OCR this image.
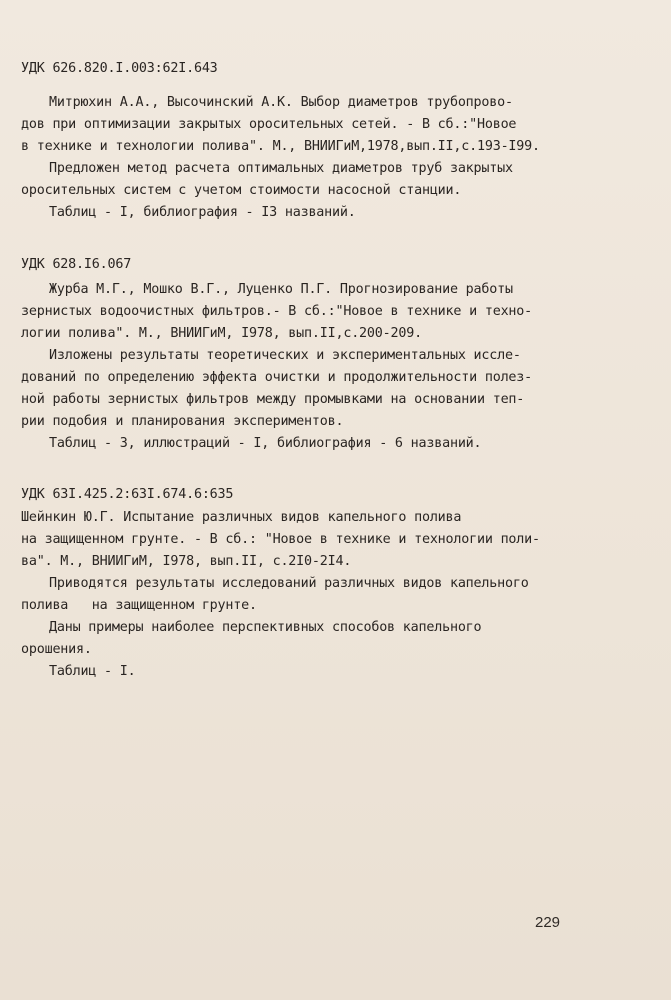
УДК 626.820.I.003:62I.643
Митрюхин А.А., Высочинский А.К. Выбор диаметров трубопрово-
дов при оптимизации закрытых оросительных сетей. - В сб.:"Новое
в технике и технологии полива". М., ВНИИГиМ,1978,вып.II,с.193-I99.
Предложен метод расчета оптимальных диаметров труб закрытых
оросительных систем с учетом стоимости насосной станции.
Таблиц - I, библиография - I3 названий.
УДК 628.I6.067
Журба М.Г., Мошко В.Г., Луценко П.Г. Прогнозирование работы
зернистых водоочистных фильтров.- В сб.:"Новое в технике и техно-
логии полива". М., ВНИИГиМ, I978, вып.II,с.200-209.
Изложены результаты теоретических и экспериментальных иссле-
дований по определению эффекта очистки и продолжительности полез-
ной работы зернистых фильтров между промывками на основании теп-
рии подобия и планирования экспериментов.
Таблиц - 3, иллюстраций - I, библиография - 6 названий.
УДК 63I.425.2:63I.674.6:635
Шейнкин Ю.Г. Испытание различных видов капельного полива
на защищенном грунте. - В сб.: "Новое в технике и технологии поли-
ва". М., ВНИИГиМ, I978, вып.II, с.2I0-2I4.
Приводятся результаты исследований различных видов капельного
полива   на защищенном грунте.
Даны примеры наиболее перспективных способов капельного
орошения.
Таблиц - I.
229
